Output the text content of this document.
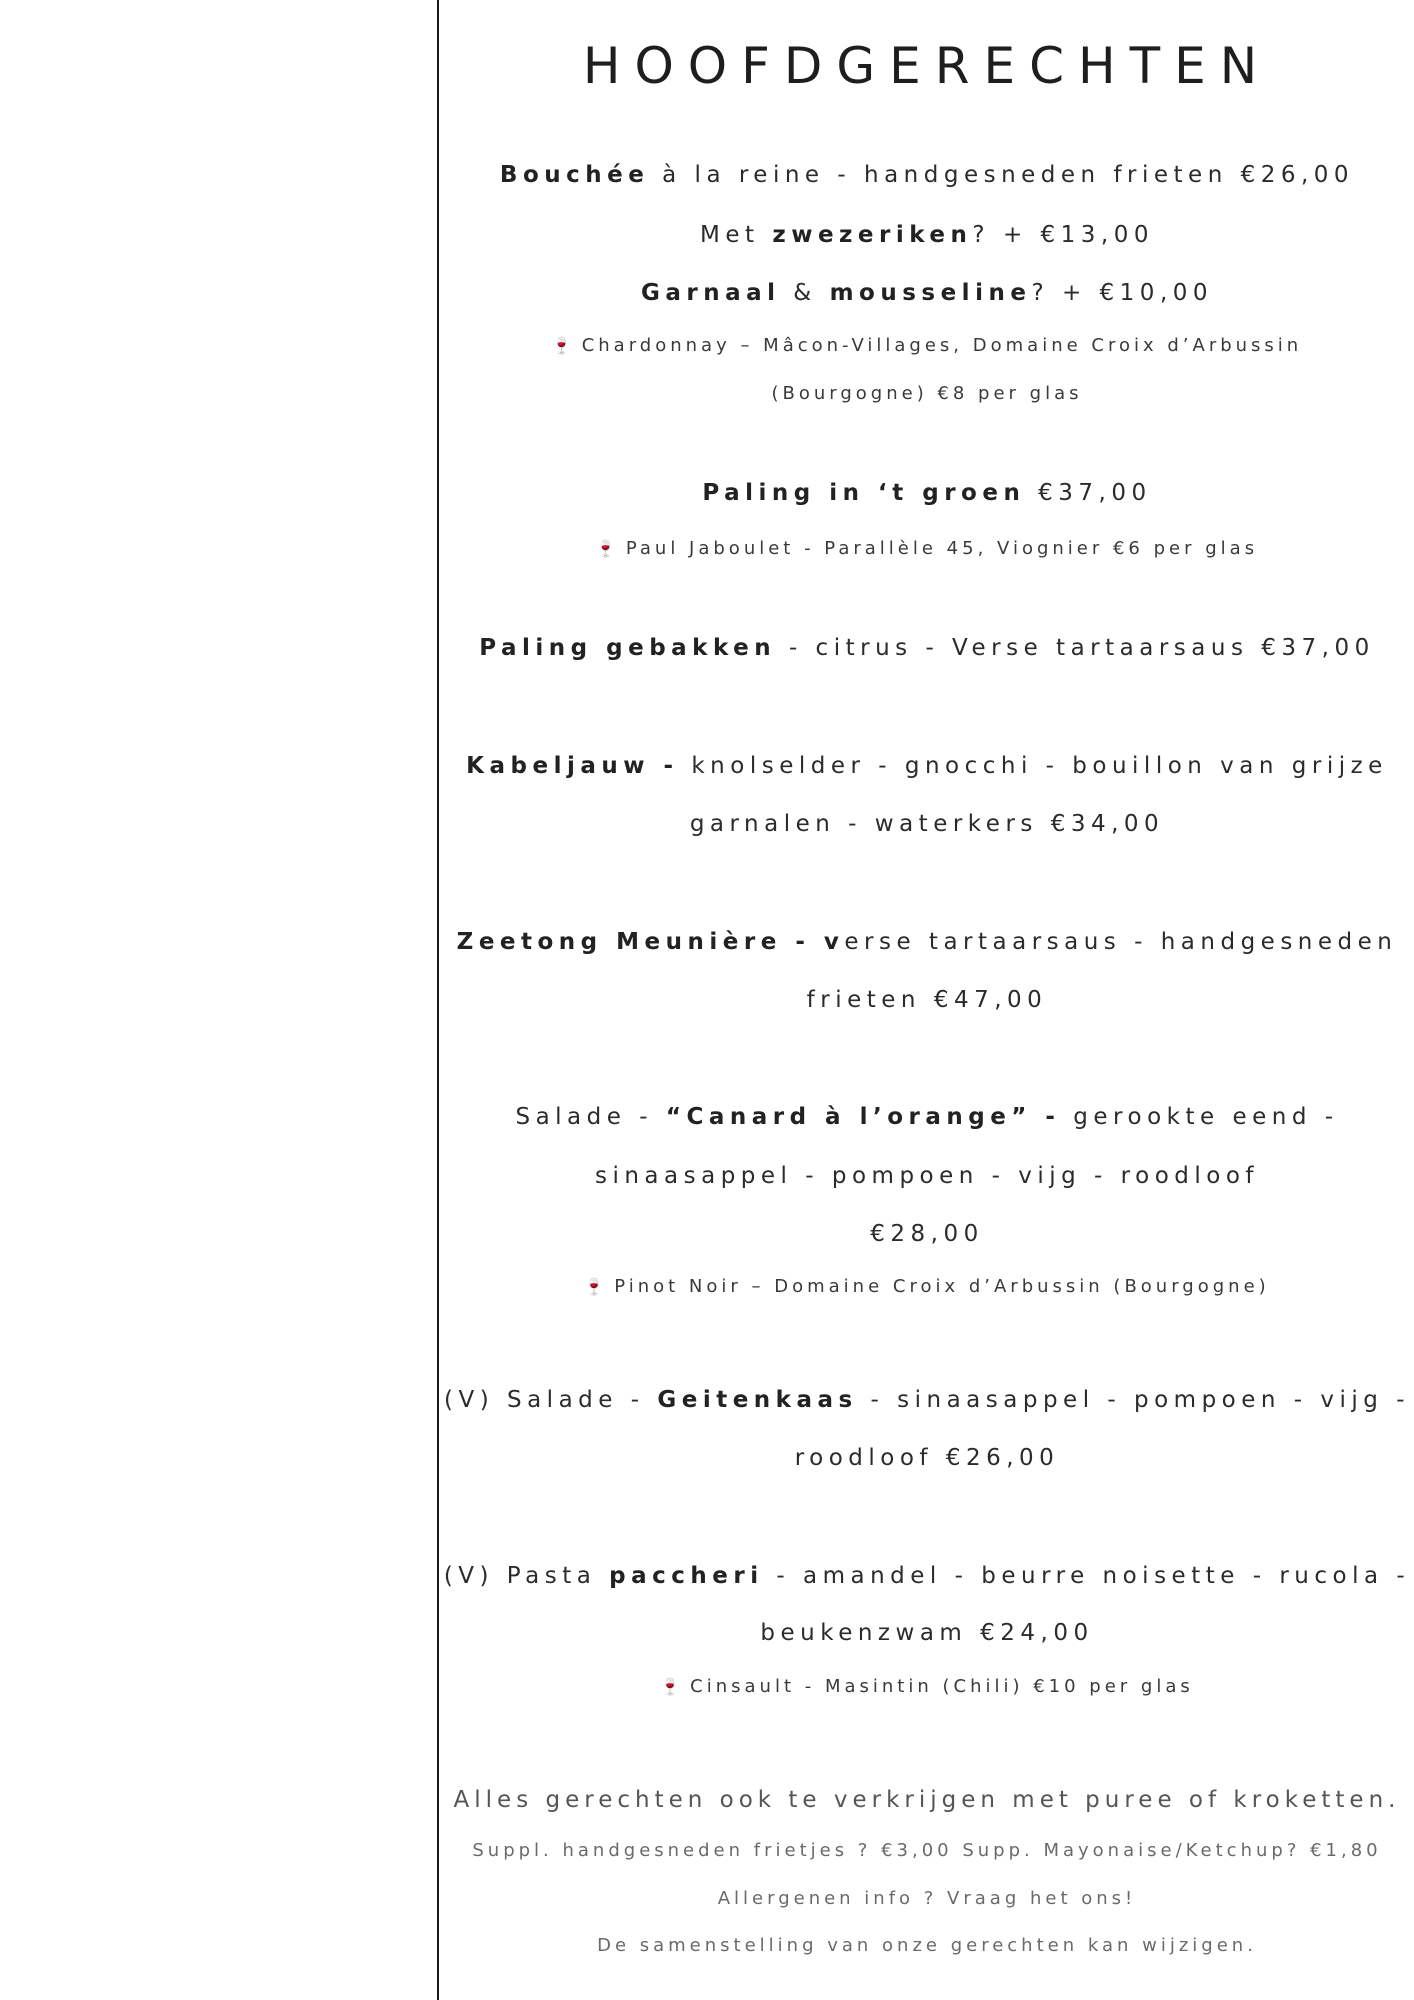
HOOFDGERECHTEN
Bouchée à la reine - handgesneden frieten €26,00
Met zwezeriken? + €13,00
Garnaal & mousseline? + €10,00
🍷 Chardonnay – Mâcon-Villages, Domaine Croix d’Arbussin
(Bourgogne) €8 per glas
Paling in ‘t groen €37,00
🍷 Paul Jaboulet - Parallèle 45, Viognier €6 per glas
Paling gebakken - citrus - Verse tartaarsaus €37,00
Kabeljauw - knolselder - gnocchi - bouillon van grijze
garnalen - waterkers €34,00
Zeetong Meunière - verse tartaarsaus - handgesneden
frieten €47,00
Salade - “Canard à l’orange” - gerookte eend -
sinaasappel - pompoen - vijg - roodloof
€28,00
🍷 Pinot Noir – Domaine Croix d’Arbussin (Bourgogne)
(V) Salade - Geitenkaas - sinaasappel - pompoen - vijg -
roodloof €26,00
(V) Pasta paccheri - amandel - beurre noisette - rucola -
beukenzwam €24,00
🍷 Cinsault - Masintin (Chili) €10 per glas
Alles gerechten ook te verkrijgen met puree of kroketten.
Suppl. handgesneden frietjes ? €3,00 Supp. Mayonaise/Ketchup? €1,80
Allergenen info ? Vraag het ons!
De samenstelling van onze gerechten kan wijzigen.
